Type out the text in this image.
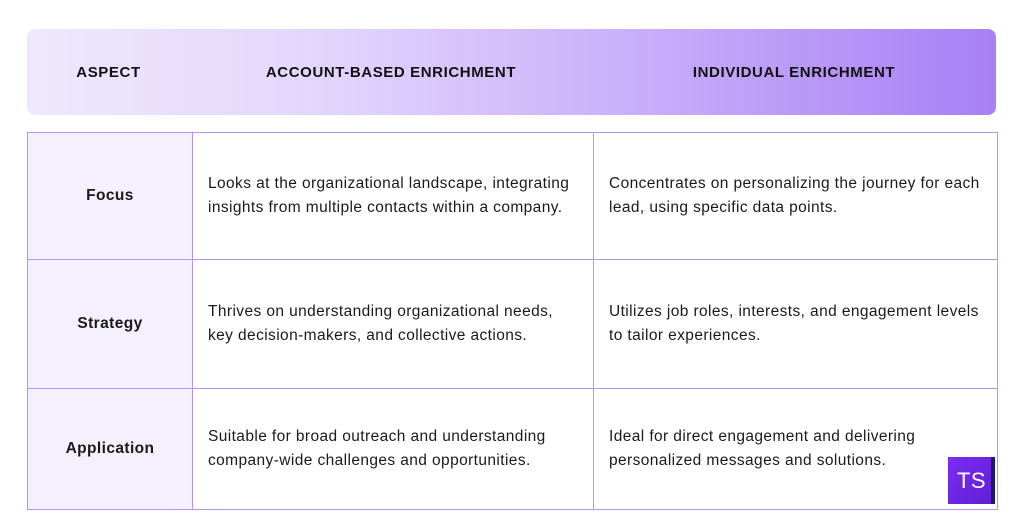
ASPECT	ACCOUNT-BASED ENRICHMENT	INDIVIDUAL ENRICHMENT
Focus	Looks at the organizational landscape, integrating insights from multiple contacts within a company.	Concentrates on personalizing the journey for each lead, using specific data points.
Strategy	Thrives on understanding organizational needs, key decision-makers, and collective actions.	Utilizes job roles, interests, and engagement levels to tailor experiences.
Application	Suitable for broad outreach and understanding company-wide challenges and opportunities.	Ideal for direct engagement and delivering personalized messages and solutions.
TS
